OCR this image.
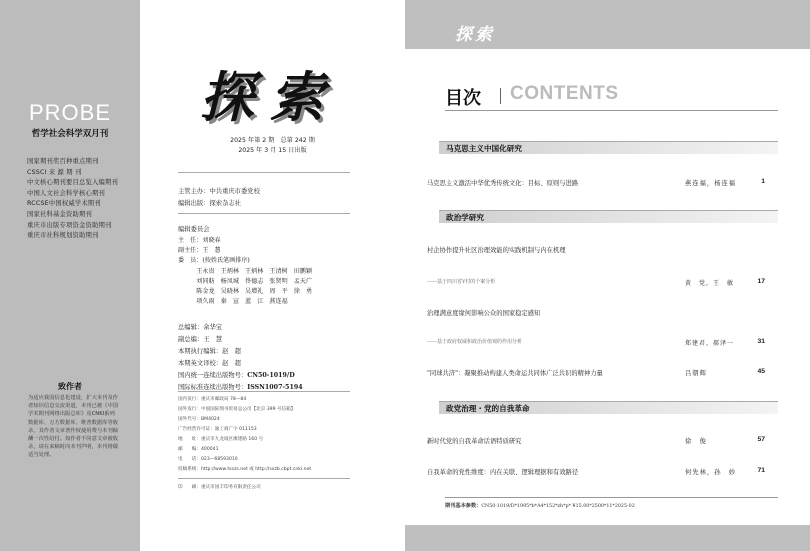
PROBE
哲学社会科学双月刊
国家期刊奖百种重点期刊
CSSCI 来 源 期 刊
中文核心期刊要目总览入编期刊
中国人文社会科学核心期刊
RCCSE中国权威学术期刊
国家社科基金资助期刊
重庆市出版专项资金资助期刊
重庆市社科规划资助期刊
致作者
为适应我国信息化建设，扩大本刊及作者知识信息交流渠道，本刊已被《中国学术期刊网络出版总库》及CNKI系列数据库、万方数据库、维普数据库等收录，其作者文章著作权使用费与本刊稿酬一次性给付。如作者不同意文章被收录，请在来稿时向本刊声明，本刊将做适当处理。
探索
2025 年第 2 期　总第 242 期
2025 年 3 月 15 日出版
主管主办：中共重庆市委党校
编辑出版：探索杂志社
编辑委员会
主　任：刘晓春
副主任：王　慧
委　员：(按姓氏笔画排序)
　　　王永贵　王炳林　王炳林　王清树　田鹏颖
　　　刘同舫　杨凤城　佟德志　张贤明　孟天广
　　　陈金龙　吴晓林　吴增礼　周　平　徐　勇
　　　项久雨　秦　宣　蓝　江　燕连福
总编辑：余华宝
副总编：王　慧
本期执行编辑：赵　超
本期英文译校：赵　超
国内统一连续出版物号：CN50-1019/D
国际标准连续出版物号：ISSN1007-5194
国内发行：重庆市邮政局 78—84
国外发行：中国国际图书贸易总公司【北京 399 号信箱】
国外代号：BM4024
广告经营许可证：渝工商广字 011153
地　　址：重庆市九龙坡区滩建路 160 号
邮　　编：400041
电　　话：023—68593010
投稿系统：http://www.tsszs.net 或 http://sxzb.cbpt.cnki.net
印　　刷：重庆市国丰印务有限责任公司
探索
目次 CONTENTS
马克思主义中国化研究
马克思主义激活中华优秀传统文化：目标、原则与进路	燕连福，杨连福	1
政治学研究
村企协作提升社区治理效能的实践机制与内在机理
——基于四川省Y村的个案分析	黄　党，王　敏	17
治理满意度缘何影响公众的国家稳定感知
——基于政府权威和政治价值观的作用分析	郑建君，郝泽一	31
"同球共济"：凝聚推动构建人类命运共同体广泛共识的精神力量	吕朝辉	45
政党治理・党的自我革命
新时代党的自我革命话语特质研究	徐　俊	57
自我革命的党性维度：内在关联、逻辑理据和有效路径	何先林，孙　妙	71
期刊基本参数：CN50-1019/D*1995*b*A4*152*zh*p* ¥15.00*2500*11*2025-02
